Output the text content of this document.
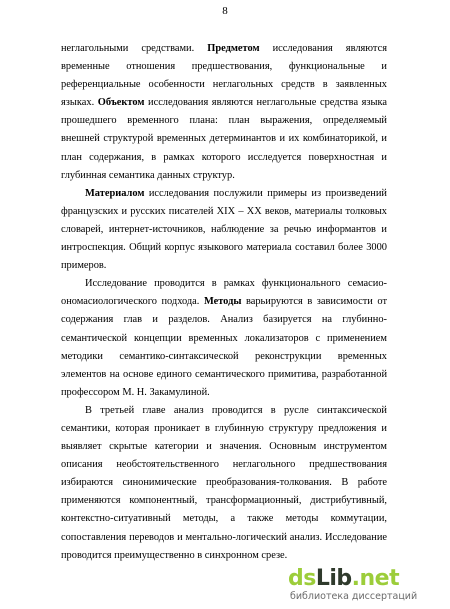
8

неглагольными средствами. Предметом исследования являются временные отношения предшествования, функциональные и референциальные особенности неглагольных средств в заявленных языках. Объектом исследования являются неглагольные средства языка прошедшего временного плана: план выражения, определяемый внешней структурой временных детерминантов и их комбинаторикой, и план содержания, в рамках которого исследуется поверхностная и глубинная семантика данных структур.

Материалом исследования послужили примеры из произведений французских и русских писателей XIX – XX веков, материалы толковых словарей, интернет-источников, наблюдение за речью информантов и интроспекция. Общий корпус языкового материала составил более 3000 примеров.

Исследование проводится в рамках функционального семасио-ономасиологического подхода. Методы варьируются в зависимости от содержания глав и разделов. Анализ базируется на глубинно-семантической концепции временных локализаторов с применением методики семантико-синтаксической реконструкции временных элементов на основе единого семантического примитива, разработанной профессором М. Н. Закамулиной.

В третьей главе анализ проводится в русле синтаксической семантики, которая проникает в глубинную структуру предложения и выявляет скрытые категории и значения. Основным инструментом описания необстоятельственного неглагольного предшествования избираются синонимические преобразования-толкования. В работе применяются компонентный, трансформационный, дистрибутивный, контекстно-ситуативный методы, а также методы коммутации, сопоставления переводов и ментально-логический анализ. Исследование проводится преимущественно в синхронном срезе.

dsLib.net
библиотека диссертаций
